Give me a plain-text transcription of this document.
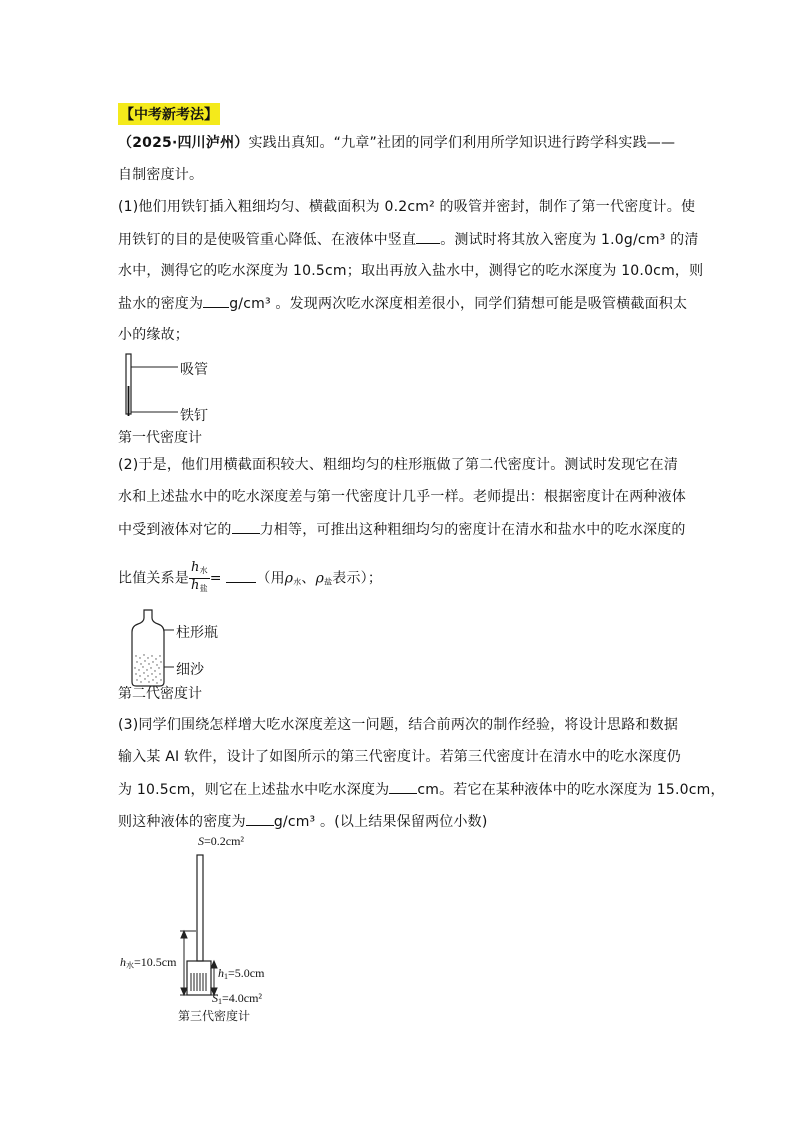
【中考新考法】
（2025·四川泸州）实践出真知。“九章”社团的同学们利用所学知识进行跨学科实践——
自制密度计。
(1)他们用铁钉插入粗细均匀、横截面积为 0.2cm² 的吸管并密封，制作了第一代密度计。使
用铁钉的目的是使吸管重心降低、在液体中竖直 。测试时将其放入密度为 1.0g/cm³ 的清
水中，测得它的吃水深度为 10.5cm；取出再放入盐水中，测得它的吃水深度为 10.0cm，则
盐水的密度为 g/cm³ 。发现两次吃水深度相差很小，同学们猜想可能是吸管横截面积太
小的缘故；
吸管
铁钉
第一代密度计
(2)于是，他们用横截面积较大、粗细均匀的柱形瓶做了第二代密度计。测试时发现它在清
水和上述盐水中的吃水深度差与第一代密度计几乎一样。老师提出：根据密度计在两种液体
中受到液体对它的 力相等，可推出这种粗细均匀的密度计在清水和盐水中的吃水深度的
比值关系是 $\frac{h_水}{h_盐}$ = （用$\rho_水$、$\rho_盐$表示）；
柱形瓶
细沙
第二代密度计
(3)同学们围绕怎样增大吃水深度差这一问题，结合前两次的制作经验，将设计思路和数据
输入某 AI 软件，设计了如图所示的第三代密度计。若第三代密度计在清水中的吃水深度仍
为 10.5cm，则它在上述盐水中吃水深度为 cm。若它在某种液体中的吃水深度为 15.0cm，
则这种液体的密度为 g/cm³ 。(以上结果保留两位小数)
S=0.2cm²
$h_水=10.5cm$
$h_1=5.0cm$
$S_1=4.0cm^2$
第三代密度计
